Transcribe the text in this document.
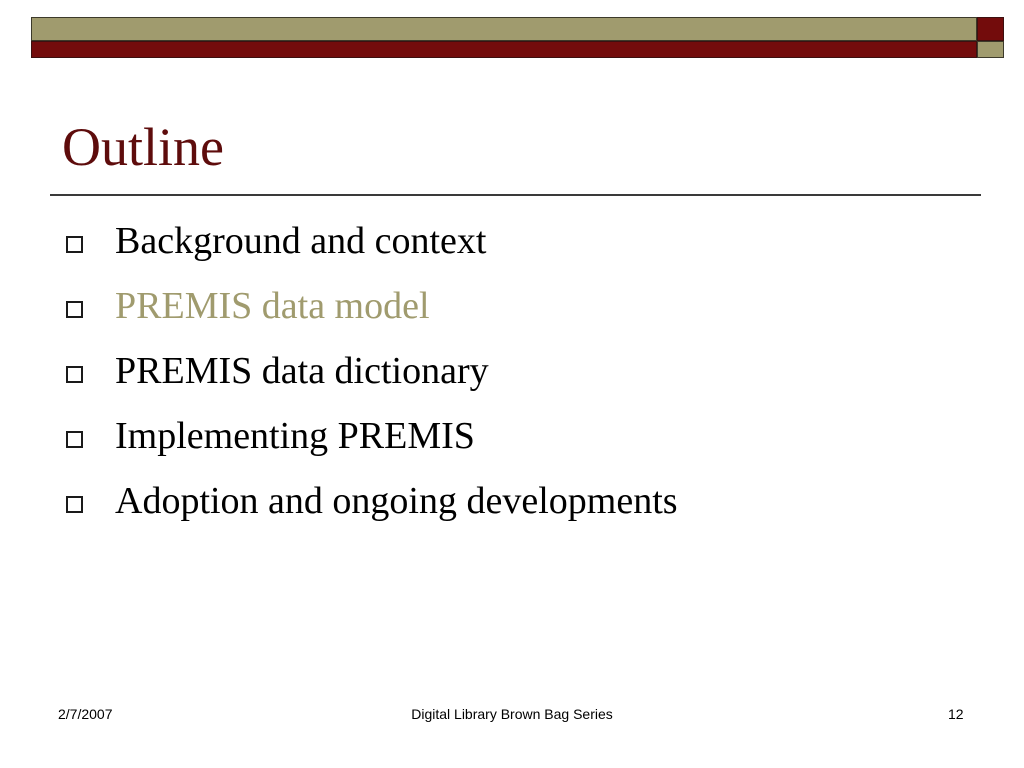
Outline
Background and context
PREMIS data model
PREMIS data dictionary
Implementing PREMIS
Adoption and ongoing developments
2/7/2007	Digital Library Brown Bag Series	12
